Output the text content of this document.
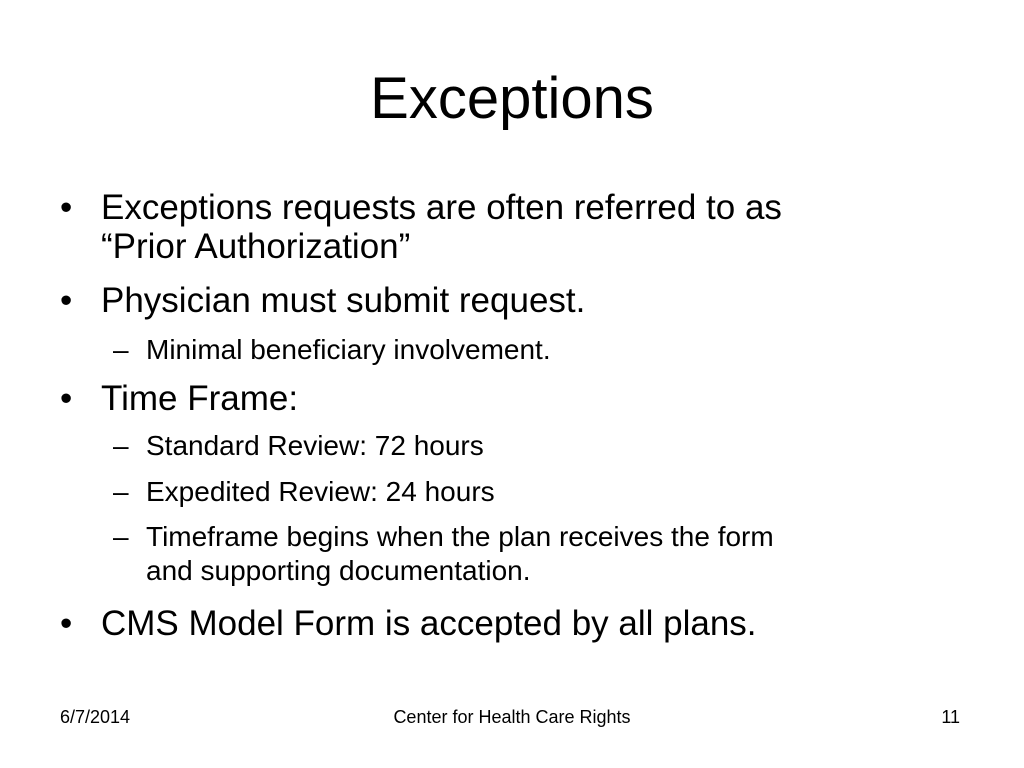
Exceptions
• Exceptions requests are often referred to as
“Prior Authorization”
• Physician must submit request.
– Minimal beneficiary involvement.
• Time Frame:
– Standard Review: 72 hours
– Expedited Review: 24 hours
– Timeframe begins when the plan receives the form
and supporting documentation.
• CMS Model Form is accepted by all plans.
6/7/2014	Center for Health Care Rights	11
